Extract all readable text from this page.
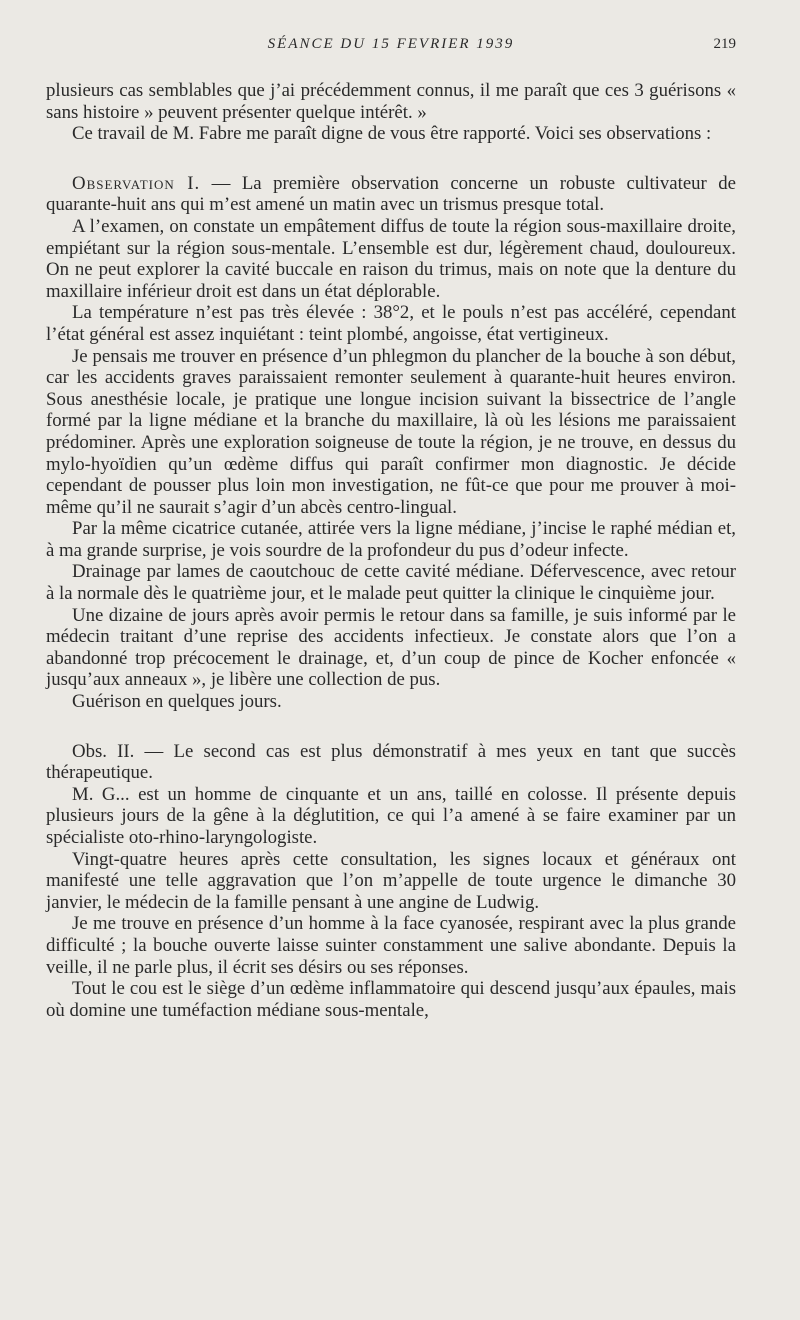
SÉANCE DU 15 FEVRIER 1939	219

plusieurs cas semblables que j’ai précédemment connus, il me paraît que ces 3 guérisons « sans histoire » peuvent présenter quelque intérêt. »

Ce travail de M. Fabre me paraît digne de vous être rapporté. Voici ses observations :

Observation I. — La première observation concerne un robuste cultivateur de quarante-huit ans qui m’est amené un matin avec un trismus presque total.

A l’examen, on constate un empâtement diffus de toute la région sous-maxillaire droite, empiétant sur la région sous-mentale. L’ensemble est dur, légèrement chaud, douloureux. On ne peut explorer la cavité buccale en raison du trimus, mais on note que la denture du maxillaire inférieur droit est dans un état déplorable.

La température n’est pas très élevée : 38°2, et le pouls n’est pas accéléré, cependant l’état général est assez inquiétant : teint plombé, angoisse, état vertigineux.

Je pensais me trouver en présence d’un phlegmon du plancher de la bouche à son début, car les accidents graves paraissaient remonter seulement à quarante-huit heures environ. Sous anesthésie locale, je pratique une longue incision suivant la bissectrice de l’angle formé par la ligne médiane et la branche du maxillaire, là où les lésions me paraissaient prédominer. Après une exploration soigneuse de toute la région, je ne trouve, en dessus du mylo-hyoïdien qu’un œdème diffus qui paraît confirmer mon diagnostic. Je décide cependant de pousser plus loin mon investigation, ne fût-ce que pour me prouver à moi-même qu’il ne saurait s’agir d’un abcès centro-lingual.

Par la même cicatrice cutanée, attirée vers la ligne médiane, j’incise le raphé médian et, à ma grande surprise, je vois sourdre de la profondeur du pus d’odeur infecte.

Drainage par lames de caoutchouc de cette cavité médiane. Défervescence, avec retour à la normale dès le quatrième jour, et le malade peut quitter la clinique le cinquième jour.

Une dizaine de jours après avoir permis le retour dans sa famille, je suis informé par le médecin traitant d’une reprise des accidents infectieux. Je constate alors que l’on a abandonné trop précocement le drainage, et, d’un coup de pince de Kocher enfoncée « jusqu’aux anneaux », je libère une collection de pus.

Guérison en quelques jours.

Obs. II. — Le second cas est plus démonstratif à mes yeux en tant que succès thérapeutique.

M. G... est un homme de cinquante et un ans, taillé en colosse. Il présente depuis plusieurs jours de la gêne à la déglutition, ce qui l’a amené à se faire examiner par un spécialiste oto-rhino-laryngologiste.

Vingt-quatre heures après cette consultation, les signes locaux et généraux ont manifesté une telle aggravation que l’on m’appelle de toute urgence le dimanche 30 janvier, le médecin de la famille pensant à une angine de Ludwig.

Je me trouve en présence d’un homme à la face cyanosée, respirant avec la plus grande difficulté ; la bouche ouverte laisse suinter constamment une salive abondante. Depuis la veille, il ne parle plus, il écrit ses désirs ou ses réponses.

Tout le cou est le siège d’un œdème inflammatoire qui descend jusqu’aux épaules, mais où domine une tuméfaction médiane sous-mentale,
